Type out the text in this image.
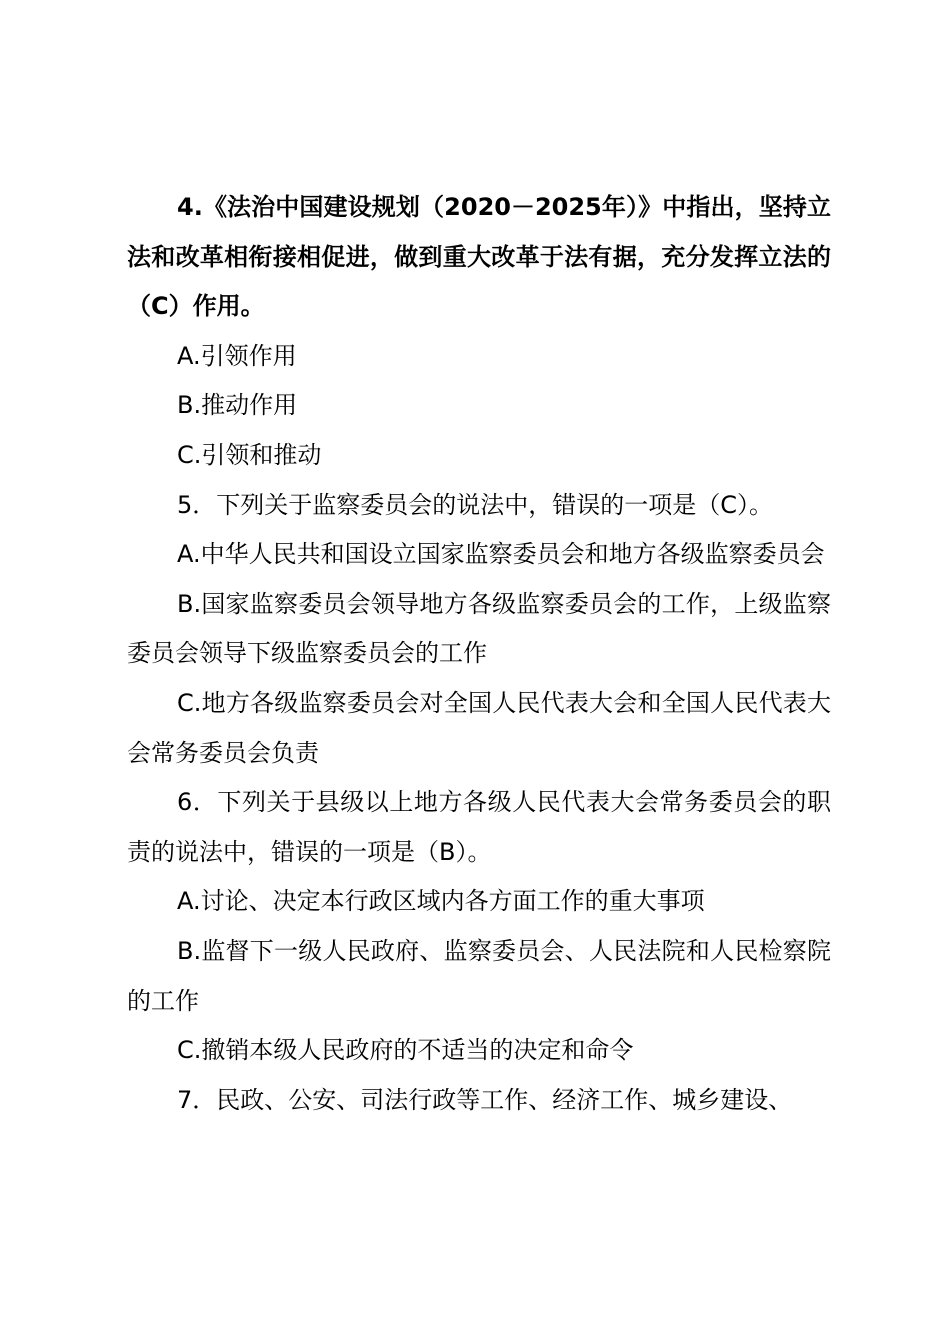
4.《法治中国建设规划（2020－2025年）》中指出，坚持立法和改革相衔接相促进，做到重大改革于法有据，充分发挥立法的（C）作用。

A.引领作用

B.推动作用

C.引领和推动

5．下列关于监察委员会的说法中，错误的一项是（C）。

A.中华人民共和国设立国家监察委员会和地方各级监察委员会

B.国家监察委员会领导地方各级监察委员会的工作，上级监察委员会领导下级监察委员会的工作

C.地方各级监察委员会对全国人民代表大会和全国人民代表大会常务委员会负责

6．下列关于县级以上地方各级人民代表大会常务委员会的职责的说法中，错误的一项是（B）。

A.讨论、决定本行政区域内各方面工作的重大事项

B.监督下一级人民政府、监察委员会、人民法院和人民检察院的工作

C.撤销本级人民政府的不适当的决定和命令

7．民政、公安、司法行政等工作、经济工作、城乡建设、
